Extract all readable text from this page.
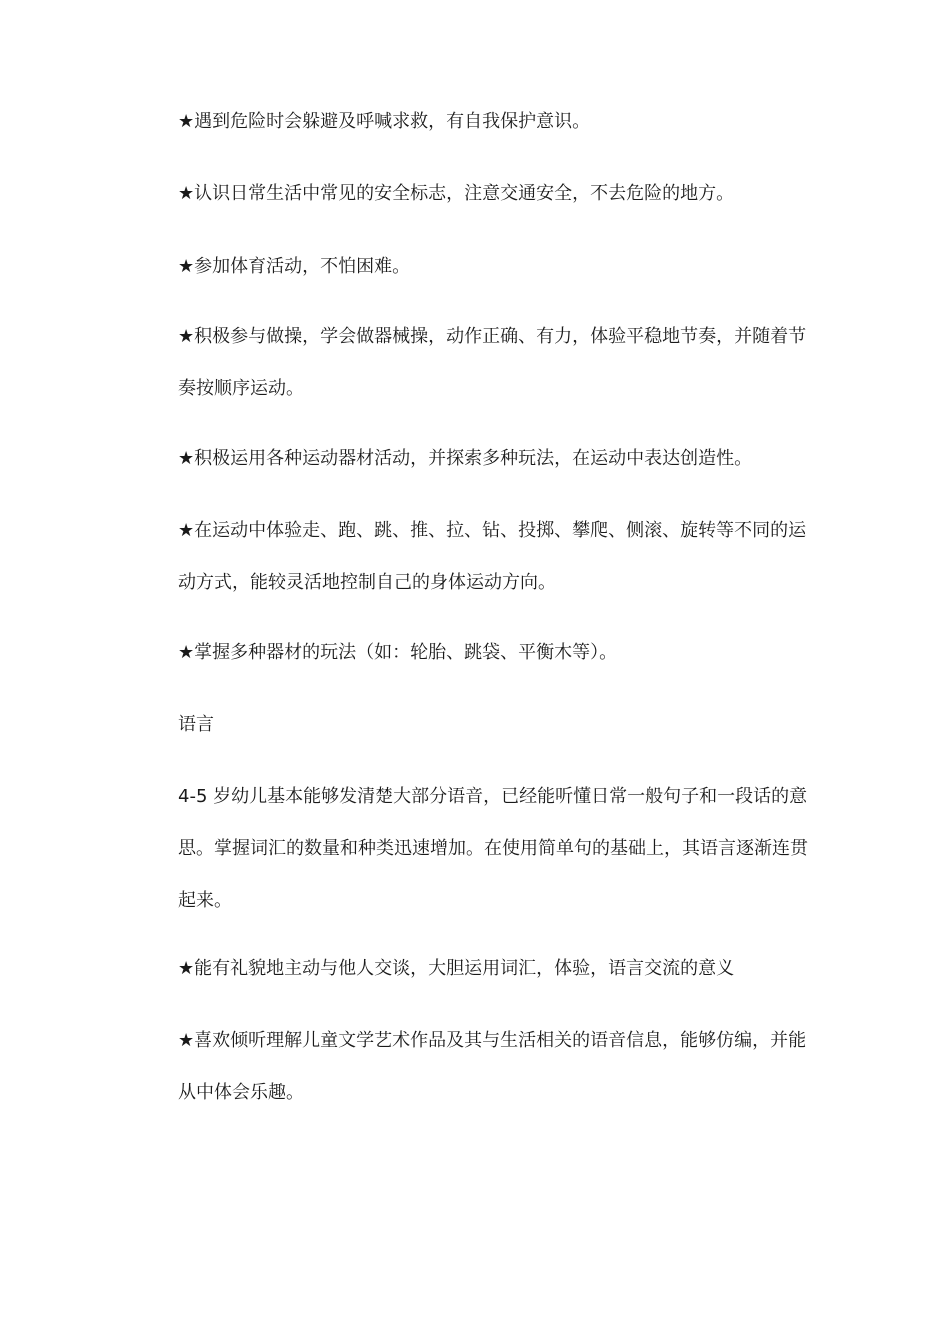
★遇到危险时会躲避及呼喊求救，有自我保护意识。

★认识日常生活中常见的安全标志，注意交通安全，不去危险的地方。

★参加体育活动，不怕困难。

★积极参与做操，学会做器械操，动作正确、有力，体验平稳地节奏，并随着节奏按顺序运动。

★积极运用各种运动器材活动，并探索多种玩法，在运动中表达创造性。

★在运动中体验走、跑、跳、推、拉、钻、投掷、攀爬、侧滚、旋转等不同的运动方式，能较灵活地控制自己的身体运动方向。

★掌握多种器材的玩法（如：轮胎、跳袋、平衡木等）。

语言

4-5 岁幼儿基本能够发清楚大部分语音，已经能听懂日常一般句子和一段话的意思。掌握词汇的数量和种类迅速增加。在使用简单句的基础上，其语言逐渐连贯起来。

★能有礼貌地主动与他人交谈，大胆运用词汇，体验，语言交流的意义

★喜欢倾听理解儿童文学艺术作品及其与生活相关的语音信息，能够仿编，并能从中体会乐趣。
